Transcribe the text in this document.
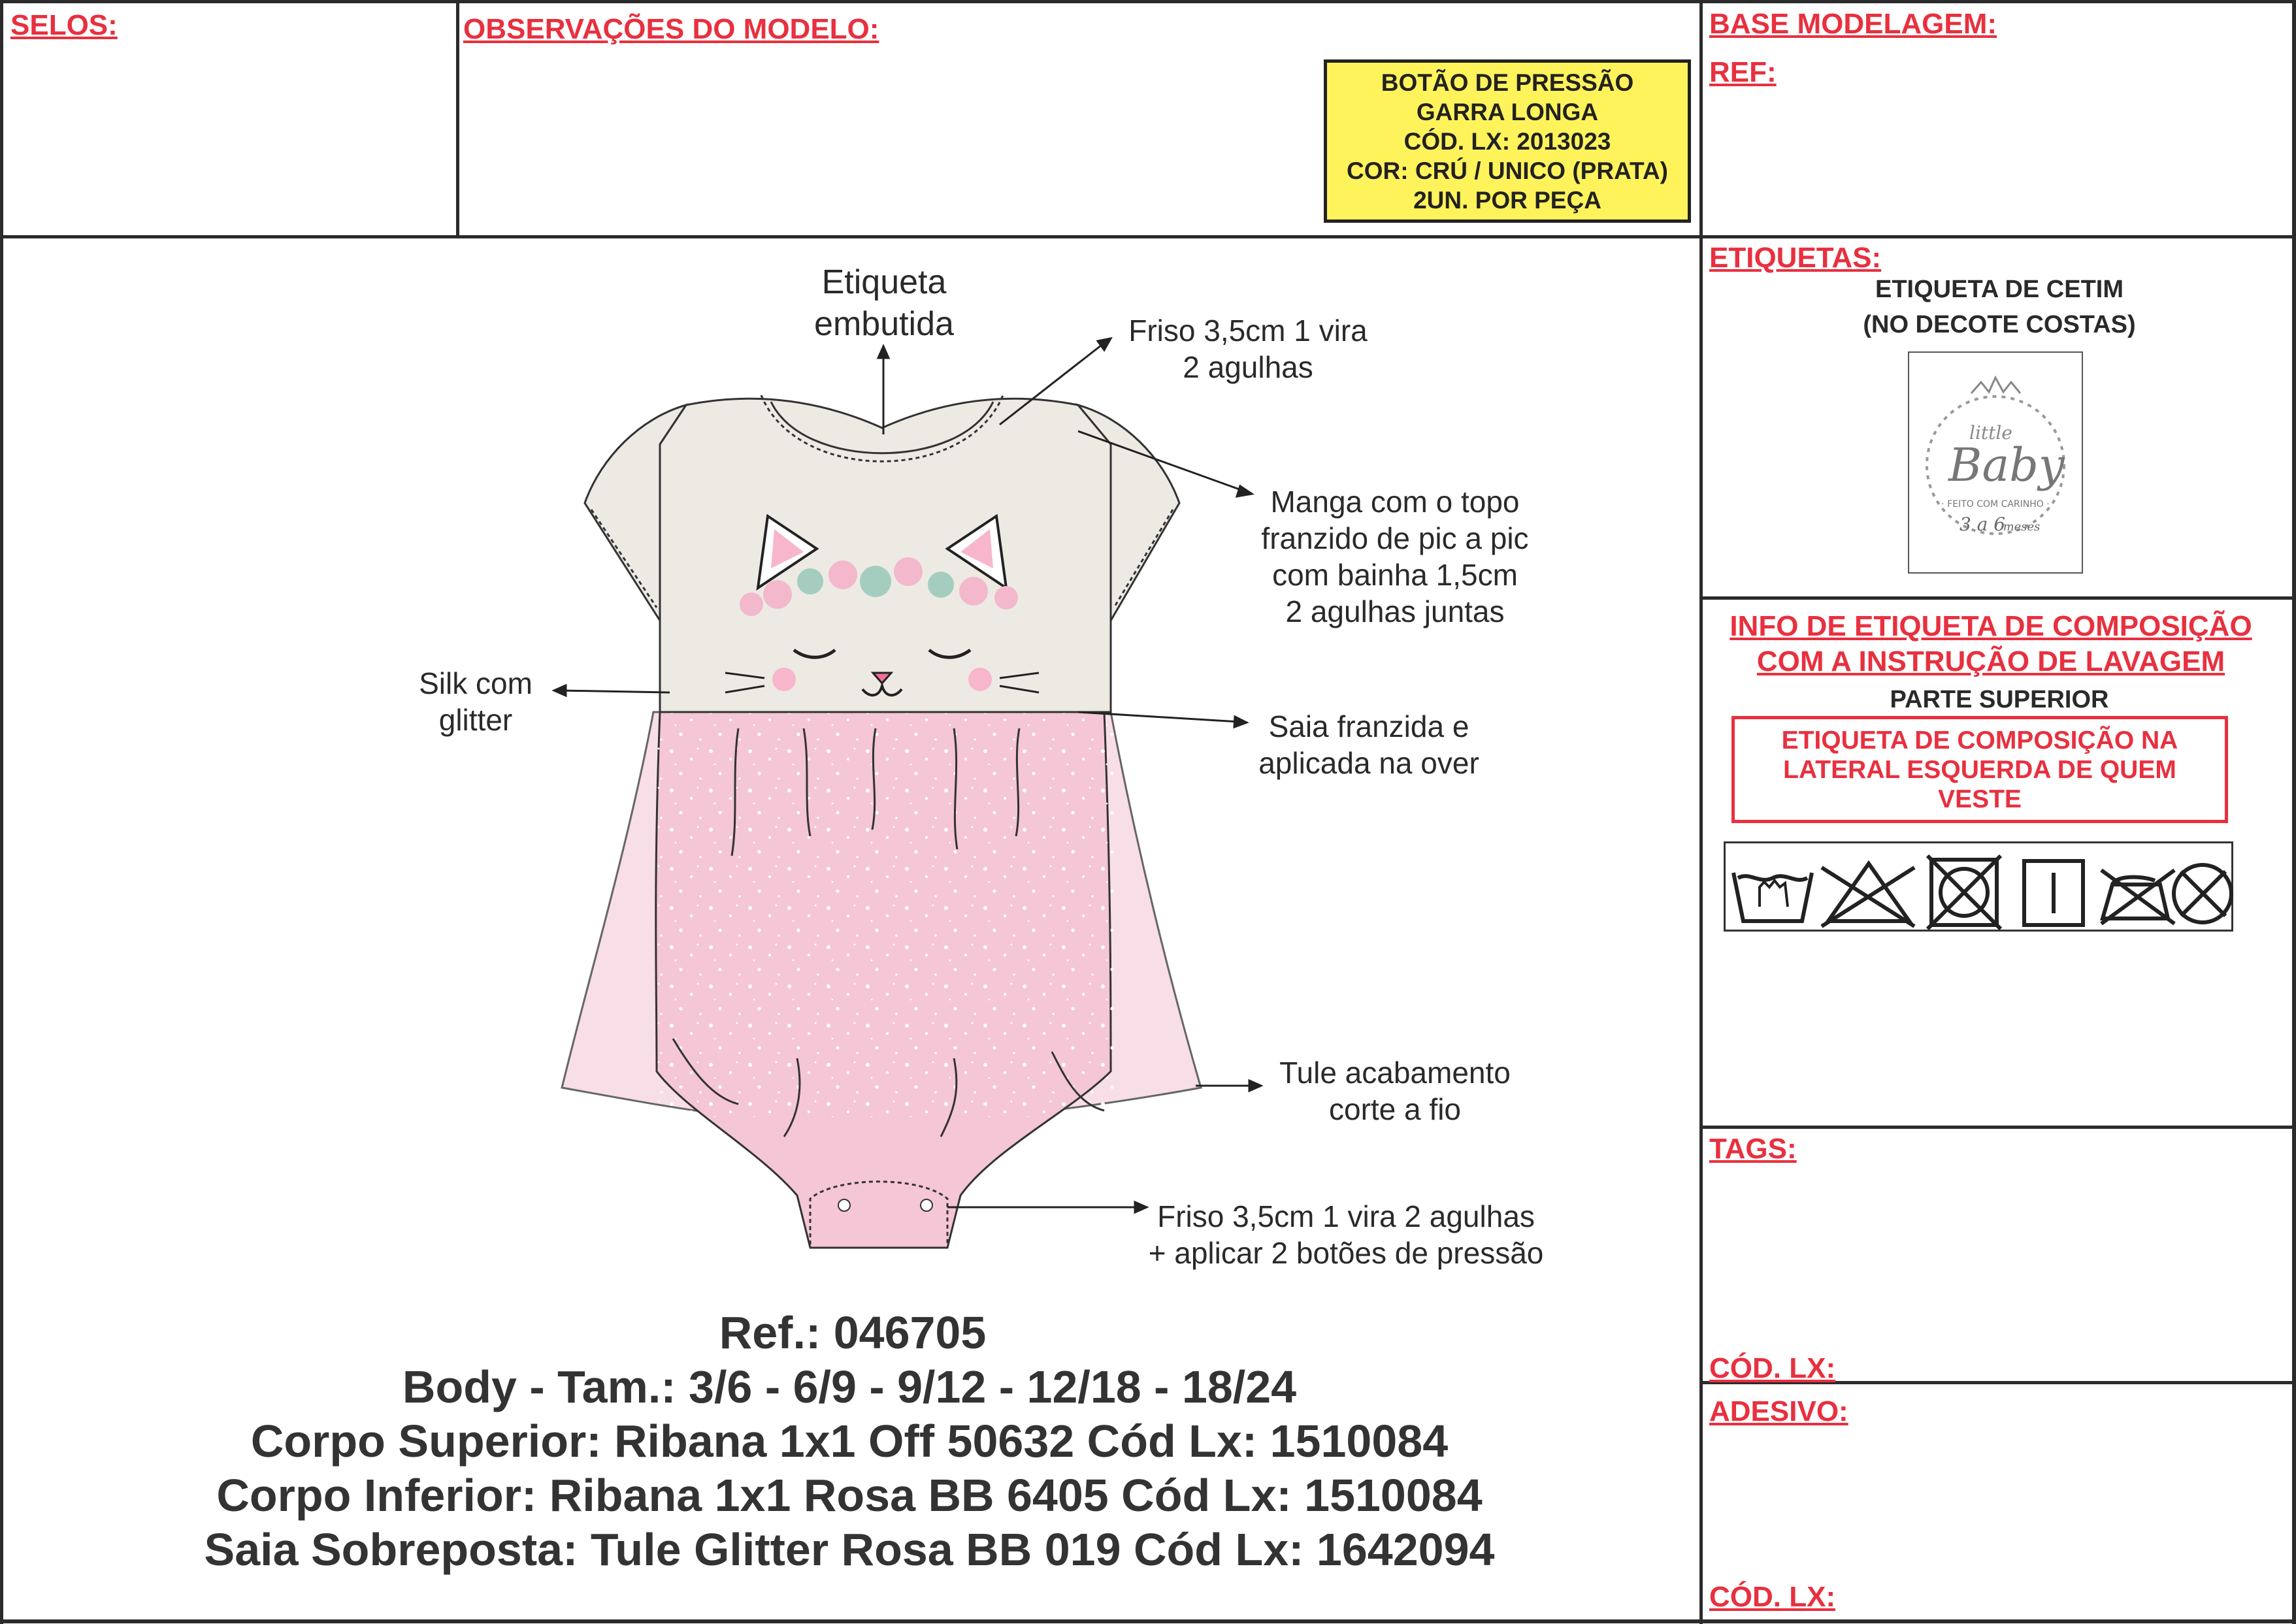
SELOS:	OBSERVAÇÕES DO MODELO:	BASE MODELAGEM:
REF:
BOTÃO DE PRESSÃO
GARRA LONGA
CÓD. LX: 2013023
COR: CRÚ / UNICO (PRATA)
2UN. POR PEÇA
Etiqueta
embutida	Friso 3,5cm 1 vira
2 agulhas
Manga com o topo
franzido de pic a pic
com bainha 1,5cm
2 agulhas juntas
Silk com
glitter	Saia franzida e
aplicada na over
Tule acabamento
corte a fio
Friso 3,5cm 1 vira 2 agulhas
+ aplicar 2 botões de pressão
Ref.: 046705
Body - Tam.: 3/6 - 6/9 - 9/12 - 12/18 - 18/24
Corpo Superior: Ribana 1x1 Off 50632 Cód Lx: 1510084
Corpo Inferior: Ribana 1x1 Rosa BB 6405 Cód Lx: 1510084
Saia Sobreposta: Tule Glitter Rosa BB 019 Cód Lx: 1642094
ETIQUETAS:
ETIQUETA DE CETIM
(NO DECOTE COSTAS)
little
Baby
· FEITO COM CARINHO ·
3 a 6
meses
INFO DE ETIQUETA DE COMPOSIÇÃO
COM A INSTRUÇÃO DE LAVAGEM
PARTE SUPERIOR
ETIQUETA DE COMPOSIÇÃO NA
LATERAL ESQUERDA DE QUEM
VESTE
TAGS:
CÓD. LX:
ADESIVO:
CÓD. LX:
